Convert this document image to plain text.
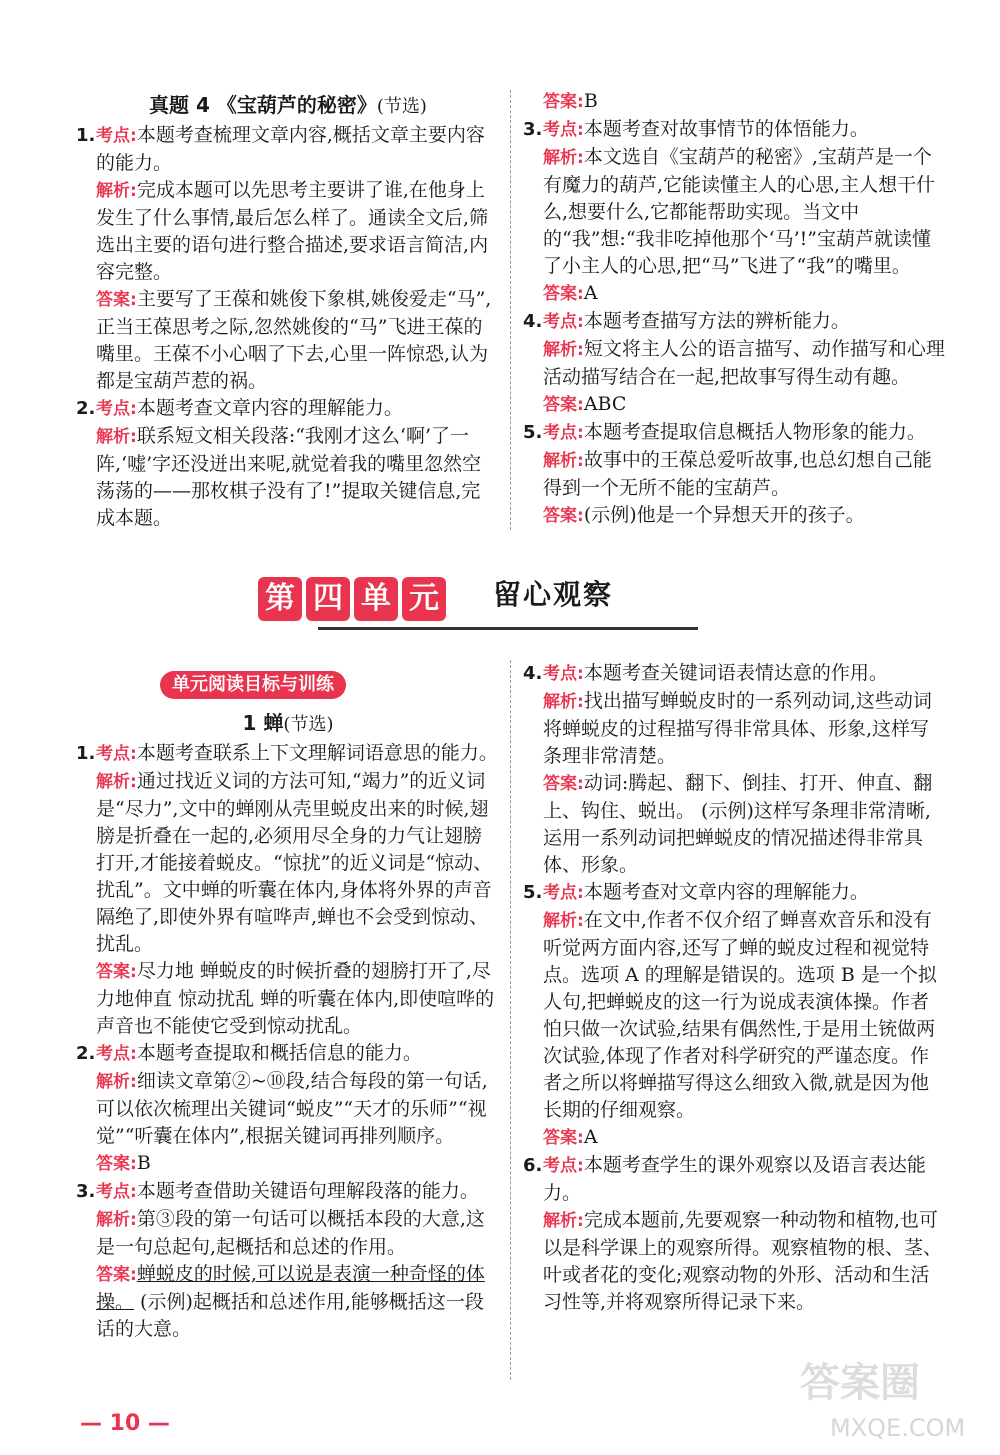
真题 4 《宝葫芦的秘密》(节选)
1. 考点:本题考查梳理文章内容,概括文章主要内容的能力。

解析:完成本题可以先思考主要讲了谁,在他身上发生了什么事情,最后怎么样了。通读全文后,筛选出主要的语句进行整合描述,要求语言简洁,内容完整。

答案:主要写了王葆和姚俊下象棋,姚俊爱走“马”,正当王葆思考之际,忽然姚俊的“马”飞进王葆的嘴里。王葆不小心咽了下去,心里一阵惊恐,认为都是宝葫芦惹的祸。

2. 考点:本题考查文章内容的理解能力。

解析:联系短文相关段落:“我刚才这么‘啊’了一阵,‘嘘’字还没迸出来呢,就觉着我的嘴里忽然空荡荡的——那枚棋子没有了!”提取关键信息,完成本题。

答案:B

3. 考点:本题考查对故事情节的体悟能力。

解析:本文选自《宝葫芦的秘密》,宝葫芦是一个有魔力的葫芦,它能读懂主人的心思,主人想干什么,想要什么,它都能帮助实现。当文中的“我”想:“我非吃掉他那个‘马’!”宝葫芦就读懂了小主人的心思,把“马”飞进了“我”的嘴里。

答案:A

4. 考点:本题考查描写方法的辨析能力。

解析:短文将主人公的语言描写、动作描写和心理活动描写结合在一起,把故事写得生动有趣。

答案:ABC

5. 考点:本题考查提取信息概括人物形象的能力。

解析:故事中的王葆总爱听故事,也总幻想自己能得到一个无所不能的宝葫芦。

答案:(示例)他是一个异想天开的孩子。

第 四 单 元 留心观察
单元阅读目标与训练
1 蝉(节选)
1. 考点:本题考查联系上下文理解词语意思的能力。

解析:通过找近义词的方法可知,“竭力”的近义词是“尽力”,文中的蝉刚从壳里蜕皮出来的时候,翅膀是折叠在一起的,必须用尽全身的力气让翅膀打开,才能接着蜕皮。“惊扰”的近义词是“惊动、扰乱”。文中蝉的听囊在体内,身体将外界的声音隔绝了,即使外界有喧哗声,蝉也不会受到惊动、扰乱。

答案:尽力地 蝉蜕皮的时候折叠的翅膀打开了,尽力地伸直 惊动扰乱 蝉的听囊在体内,即使喧哗的声音也不能使它受到惊动扰乱。

2. 考点:本题考查提取和概括信息的能力。

解析:细读文章第②~⑩段,结合每段的第一句话,可以依次梳理出关键词“蜕皮”“天才的乐师”“视觉”“听囊在体内”,根据关键词再排列顺序。

答案:B

3. 考点:本题考查借助关键语句理解段落的能力。

解析:第③段的第一句话可以概括本段的大意,这是一句总起句,起概括和总述的作用。

答案:蝉蜕皮的时候,可以说是表演一种奇怪的体操。 (示例)起概括和总述作用,能够概括这一段话的大意。

4. 考点:本题考查关键词语表情达意的作用。

解析:找出描写蝉蜕皮时的一系列动词,这些动词将蝉蜕皮的过程描写得非常具体、形象,这样写条理非常清楚。

答案:动词:腾起、翻下、倒挂、打开、伸直、翻上、钩住、蜕出。 (示例)这样写条理非常清晰,运用一系列动词把蝉蜕皮的情况描述得非常具体、形象。

5. 考点:本题考查对文章内容的理解能力。

解析:在文中,作者不仅介绍了蝉喜欢音乐和没有听觉两方面内容,还写了蝉的蜕皮过程和视觉特点。选项 A 的理解是错误的。选项 B 是一个拟人句,把蝉蜕皮的这一行为说成表演体操。作者怕只做一次试验,结果有偶然性,于是用土铳做两次试验,体现了作者对科学研究的严谨态度。作者之所以将蝉描写得这么细致入微,就是因为他长期的仔细观察。

答案:A

6. 考点:本题考查学生的课外观察以及语言表达能力。

解析:完成本题前,先要观察一种动物和植物,也可以是科学课上的观察所得。观察植物的根、茎、叶或者花的变化;观察动物的外形、活动和生活习性等,并将观察所得记录下来。

— 10 —
答案圈
MXQE.COM
